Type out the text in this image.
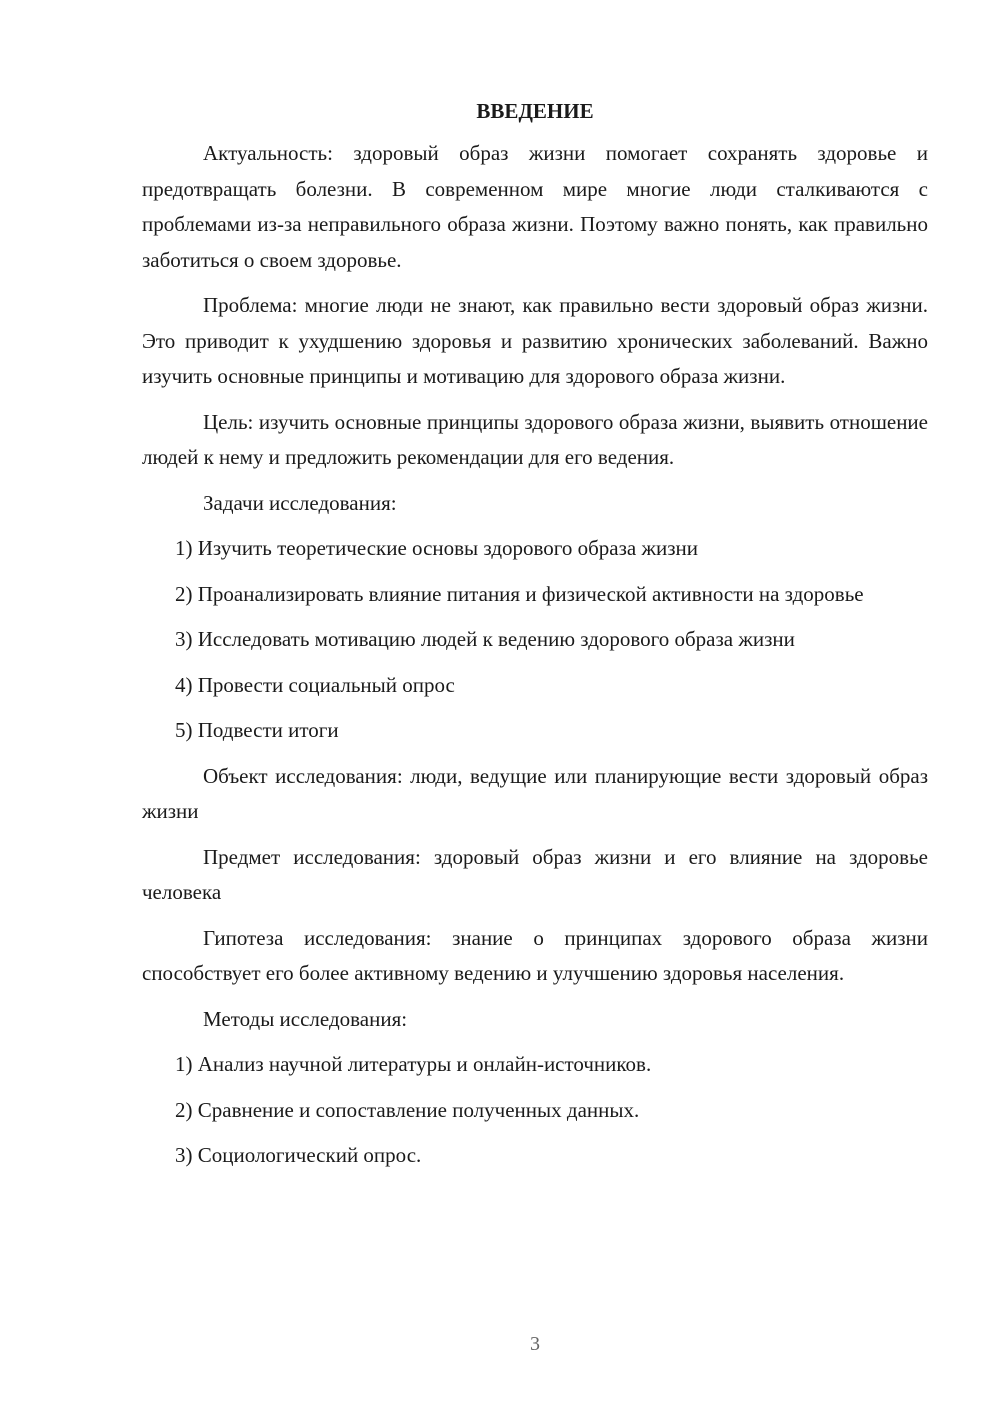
ВВЕДЕНИЕ

Актуальность: здоровый образ жизни помогает сохранять здоровье и предотвращать болезни. В современном мире многие люди сталкиваются с проблемами из-за неправильного образа жизни. Поэтому важно понять, как правильно заботиться о своем здоровье.

Проблема: многие люди не знают, как правильно вести здоровый образ жизни. Это приводит к ухудшению здоровья и развитию хронических заболеваний. Важно изучить основные принципы и мотивацию для здорового образа жизни.

Цель: изучить основные принципы здорового образа жизни, выявить отношение людей к нему и предложить рекомендации для его ведения.

Задачи исследования:

1) Изучить теоретические основы здорового образа жизни

2) Проанализировать влияние питания и физической активности на здоровье

3) Исследовать мотивацию людей к ведению здорового образа жизни

4) Провести социальный опрос

5) Подвести итоги

Объект исследования: люди, ведущие или планирующие вести здоровый образ жизни

Предмет исследования: здоровый образ жизни и его влияние на здоровье человека

Гипотеза исследования: знание о принципах здорового образа жизни способствует его более активному ведению и улучшению здоровья населения.

Методы исследования:

1) Анализ научной литературы и онлайн-источников.

2) Сравнение и сопоставление полученных данных.

3) Социологический опрос.

3
